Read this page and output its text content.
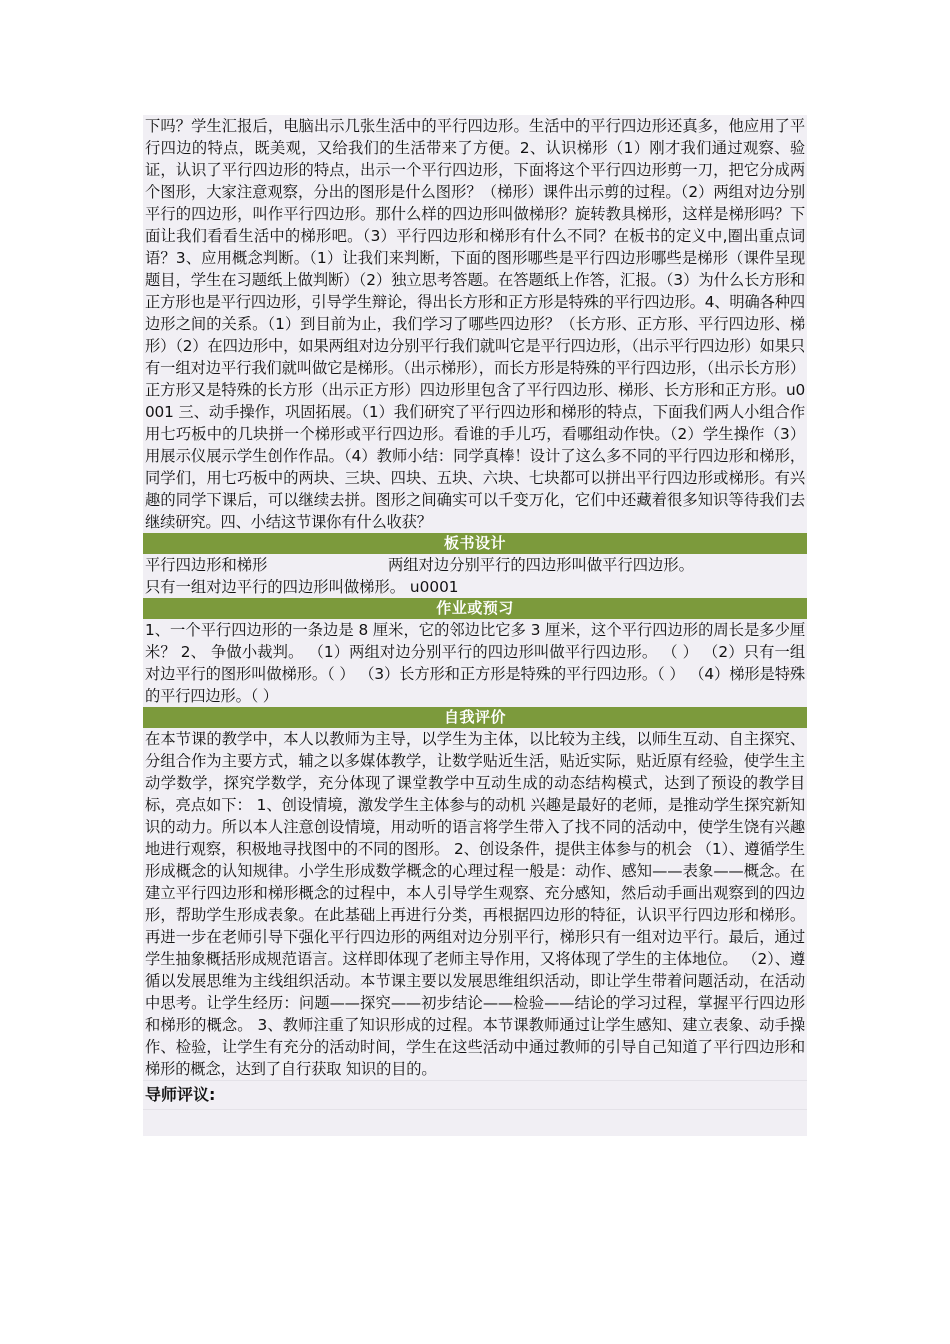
下吗？学生汇报后，电脑出示几张生活中的平行四边形。生活中的平行四边形还真多，他应用了平行四边的特点，既美观，又给我们的生活带来了方便。2、认识梯形（1）刚才我们通过观察、验证，认识了平行四边形的特点，出示一个平行四边形，下面将这个平行四边形剪一刀，把它分成两个图形，大家注意观察，分出的图形是什么图形？（梯形）课件出示剪的过程。（2）两组对边分别平行的四边形，叫作平行四边形。那什么样的四边形叫做梯形？旋转教具梯形，这样是梯形吗？下面让我们看看生活中的梯形吧。（3）平行四边形和梯形有什么不同？在板书的定义中,圈出重点词语？3、应用概念判断。（1）让我们来判断，下面的图形哪些是平行四边形哪些是梯形（课件呈现题目，学生在习题纸上做判断）（2）独立思考答题。在答题纸上作答，汇报。（3）为什么长方形和正方形也是平行四边形，引导学生辩论，得出长方形和正方形是特殊的平行四边形。4、明确各种四边形之间的关系。（1）到目前为止，我们学习了哪些四边形？（长方形、正方形、平行四边形、梯形）（2）在四边形中，如果两组对边分别平行我们就叫它是平行四边形，（出示平行四边形）如果只有一组对边平行我们就叫做它是梯形。（出示梯形），而长方形是特殊的平行四边形，（出示长方形）正方形又是特殊的长方形（出示正方形）四边形里包含了平行四边形、梯形、长方形和正方形。u0001 三、动手操作，巩固拓展。（1）我们研究了平行四边形和梯形的特点，下面我们两人小组合作用七巧板中的几块拼一个梯形或平行四边形。看谁的手儿巧，看哪组动作快。（2）学生操作（3）用展示仪展示学生创作作品。（4）教师小结：同学真棒！设计了这么多不同的平行四边形和梯形，同学们，用七巧板中的两块、三块、四块、五块、六块、七块都可以拼出平行四边形或梯形。有兴趣的同学下课后，可以继续去拼。图形之间确实可以千变万化，它们中还藏着很多知识等待我们去继续研究。四、小结这节课你有什么收获？
板书设计
平行四边形和梯形	两组对边分别平行的四边形叫做平行四边形。
只有一组对边平行的四边形叫做梯形。 u0001
作业或预习
1、一个平行四边形的一条边是 8 厘米，它的邻边比它多 3 厘米，这个平行四边形的周长是多少厘米？ 2、 争做小裁判。 （1）两组对边分别平行的四边形叫做平行四边形。 （ ） （2）只有一组对边平行的图形叫做梯形。（ ） （3）长方形和正方形是特殊的平行四边形。（ ） （4）梯形是特殊的平行四边形。（ ）
自我评价
在本节课的教学中，本人以教师为主导，以学生为主体，以比较为主线，以师生互动、自主探究、分组合作为主要方式，辅之以多媒体教学，让数学贴近生活，贴近实际，贴近原有经验，使学生主动学数学，探究学数学，充分体现了课堂教学中互动生成的动态结构模式，达到了预设的教学目标，亮点如下： 1、创设情境，激发学生主体参与的动机 兴趣是最好的老师，是推动学生探究新知识的动力。所以本人注意创设情境，用动听的语言将学生带入了找不同的活动中，使学生饶有兴趣地进行观察，积极地寻找图中的不同的图形。 2、创设条件，提供主体参与的机会 （1）、遵循学生形成概念的认知规律。小学生形成数学概念的心理过程一般是：动作、感知——表象——概念。在建立平行四边形和梯形概念的过程中，本人引导学生观察、充分感知，然后动手画出观察到的四边形，帮助学生形成表象。在此基础上再进行分类，再根据四边形的特征，认识平行四边形和梯形。再进一步在老师引导下强化平行四边形的两组对边分别平行，梯形只有一组对边平行。最后，通过学生抽象概括形成规范语言。这样即体现了老师主导作用，又将体现了学生的主体地位。 （2）、遵循以发展思维为主线组织活动。本节课主要以发展思维组织活动，即让学生带着问题活动，在活动中思考。让学生经历：问题——探究——初步结论——检验——结论的学习过程，掌握平行四边形和梯形的概念。 3、教师注重了知识形成的过程。本节课教师通过让学生感知、建立表象、动手操作、检验，让学生有充分的活动时间，学生在这些活动中通过教师的引导自己知道了平行四边形和梯形的概念，达到了自行获取 知识的目的。
导师评议:
